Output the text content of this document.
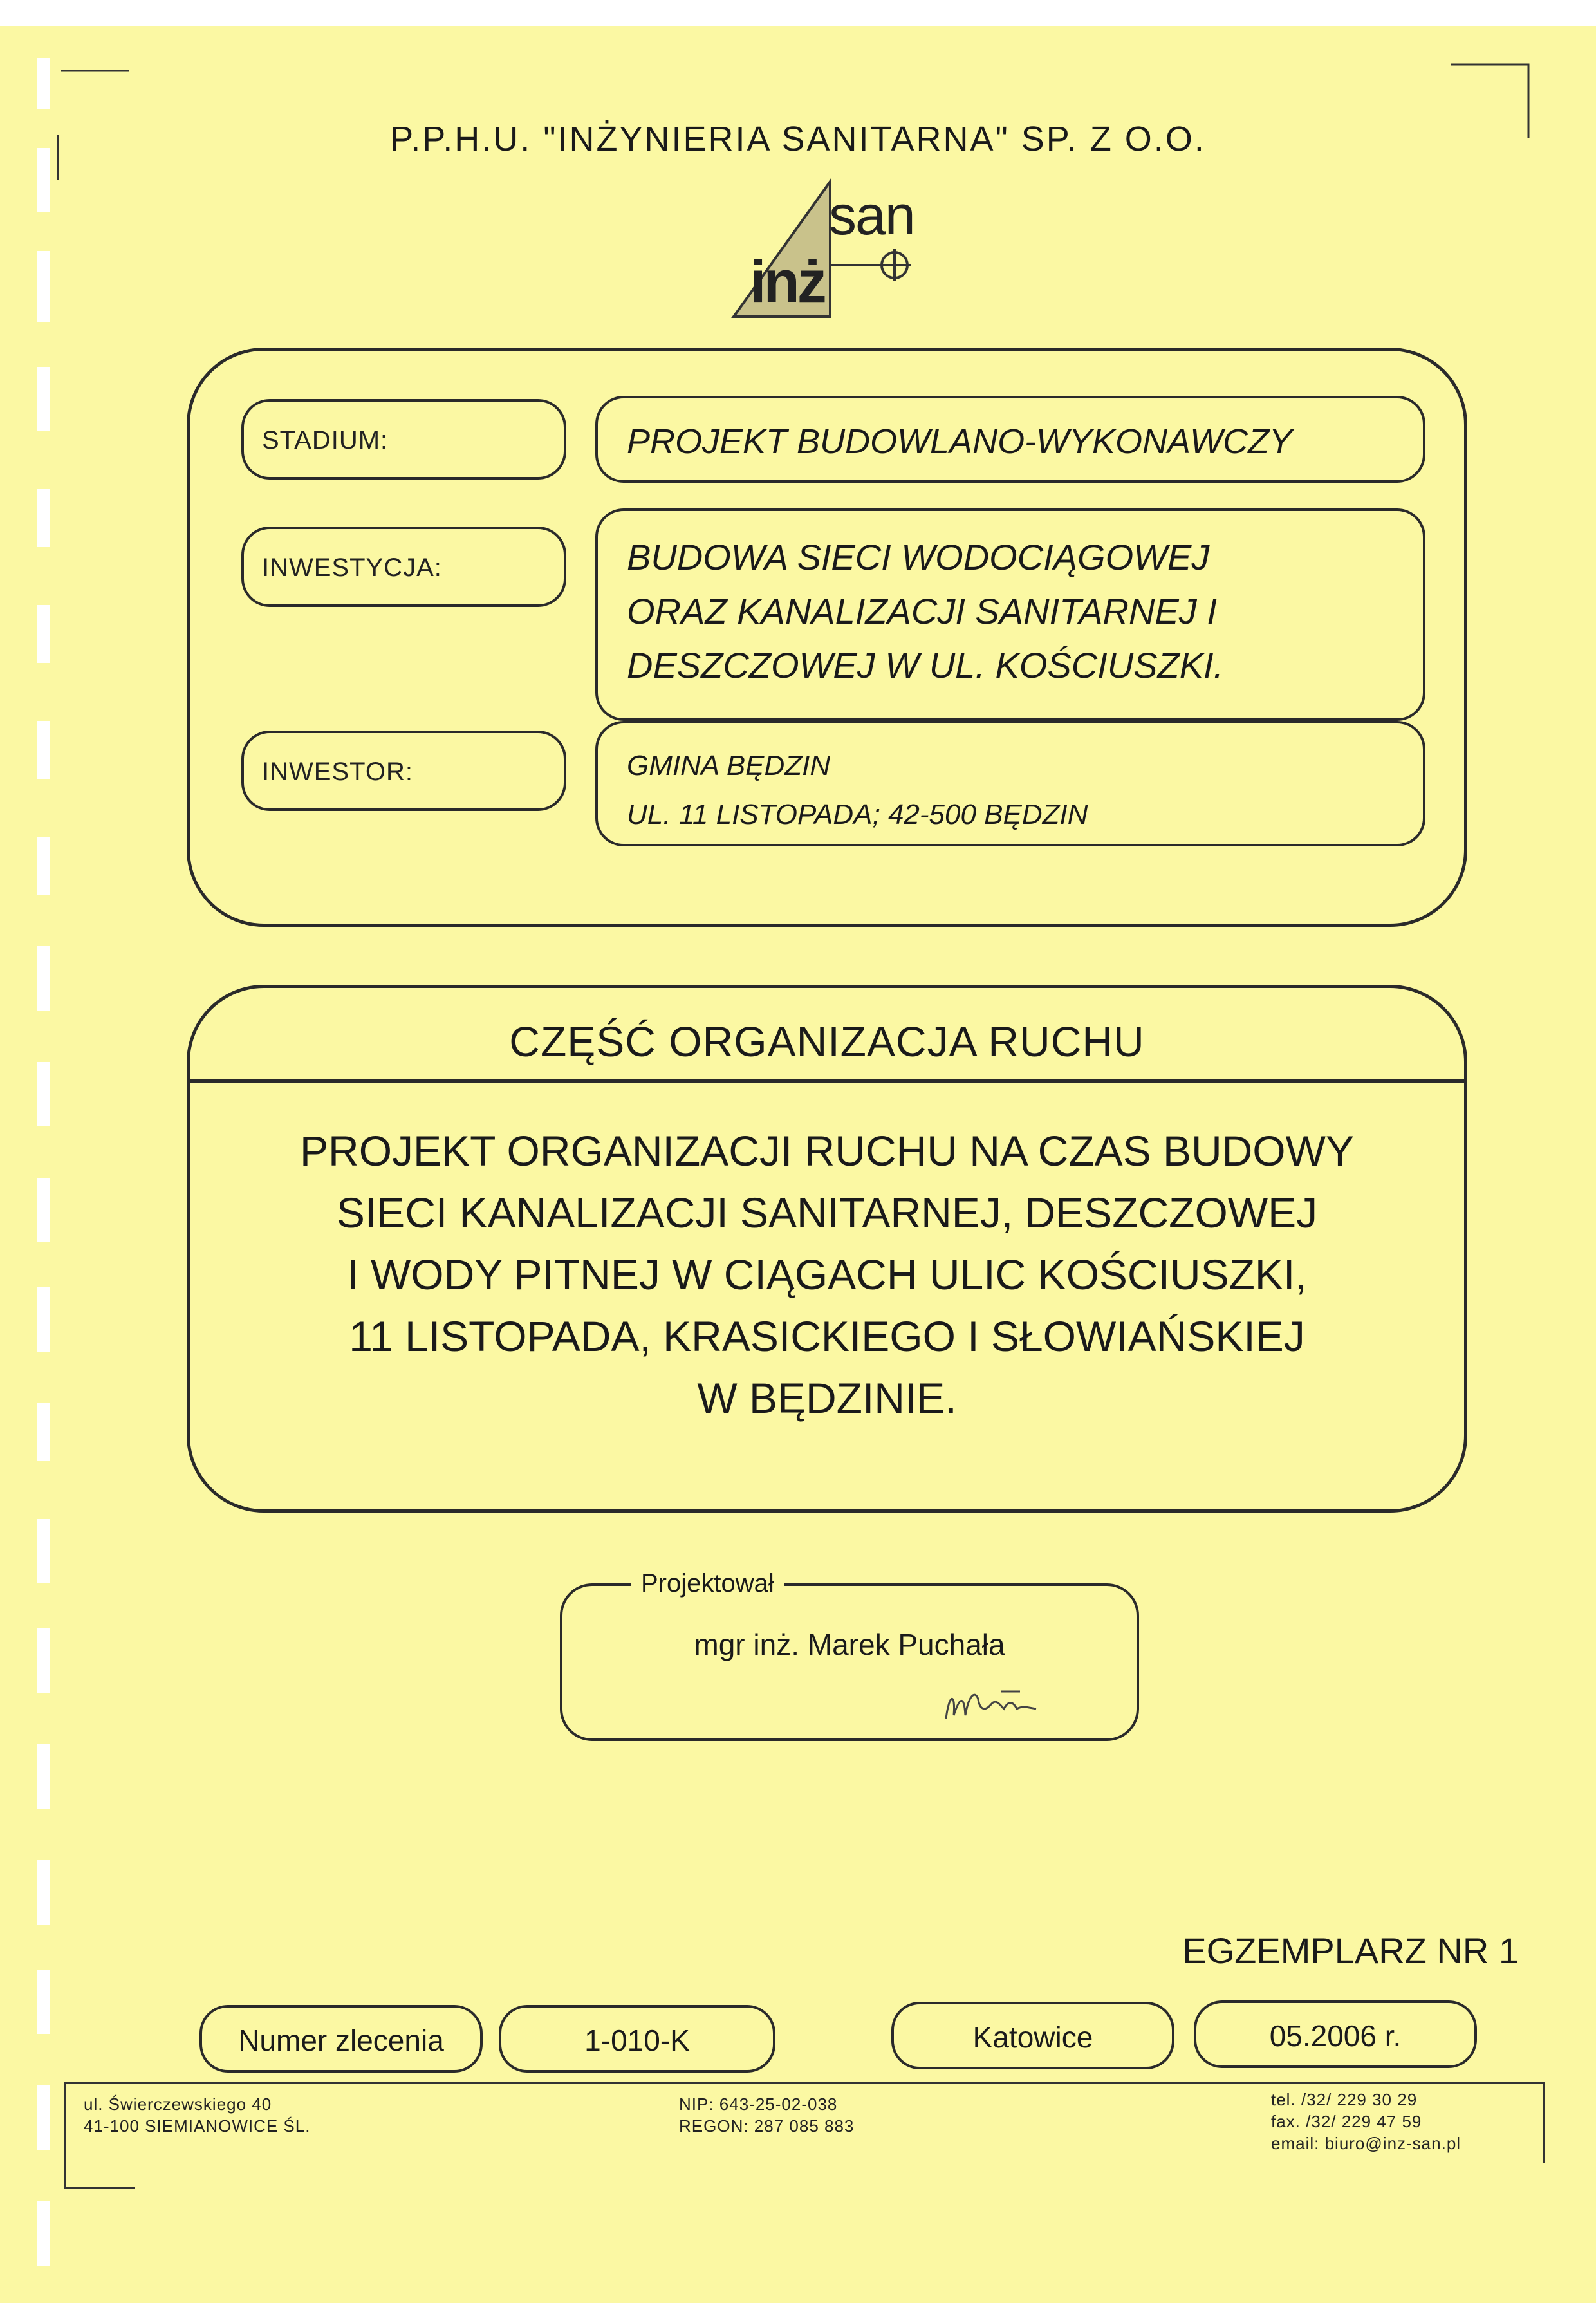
P.P.H.U. "INŻYNIERIA SANITARNA" SP. Z O.O.
san
inż
STADIUM:	PROJEKT BUDOWLANO-WYKONAWCZY
INWESTYCJA:	BUDOWA SIECI WODOCIĄGOWEJ
ORAZ KANALIZACJI SANITARNEJ I
DESZCZOWEJ W UL. KOŚCIUSZKI.
INWESTOR:	GMINA BĘDZIN
UL. 11 LISTOPADA; 42-500 BĘDZIN
CZĘŚĆ ORGANIZACJA RUCHU
PROJEKT ORGANIZACJI RUCHU NA CZAS BUDOWY
SIECI KANALIZACJI SANITARNEJ, DESZCZOWEJ
I WODY PITNEJ W CIĄGACH ULIC KOŚCIUSZKI,
11 LISTOPADA, KRASICKIEGO I SŁOWIAŃSKIEJ
W BĘDZINIE.
Projektował
mgr inż. Marek Puchała
EGZEMPLARZ NR 1
Numer zlecenia	1-010-K	Katowice	05.2006 r.
ul. Świerczewskiego 40
41-100 SIEMIANOWICE ŚL.
NIP: 643-25-02-038
REGON: 287 085 883
tel. /32/ 229 30 29
fax. /32/ 229 47 59
email: biuro@inz-san.pl
